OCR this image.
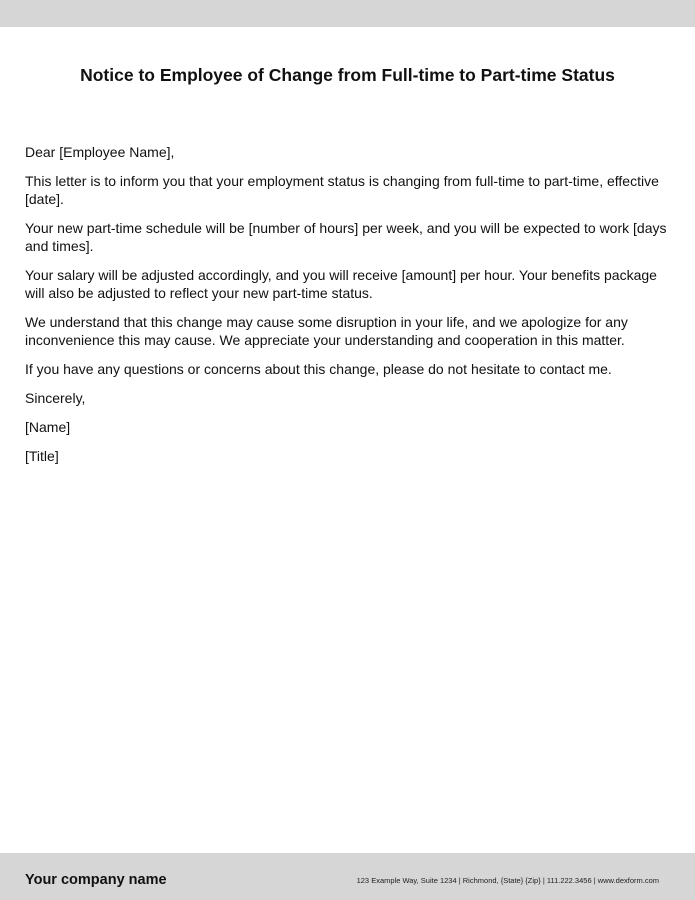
Notice to Employee of Change from Full-time to Part-time Status

Dear [Employee Name],

This letter is to inform you that your employment status is changing from full-time to part-time, effective [date].

Your new part-time schedule will be [number of hours] per week, and you will be expected to work [days and times].

Your salary will be adjusted accordingly, and you will receive [amount] per hour. Your benefits package will also be adjusted to reflect your new part-time status.

We understand that this change may cause some disruption in your life, and we apologize for any inconvenience this may cause. We appreciate your understanding and cooperation in this matter.

If you have any questions or concerns about this change, please do not hesitate to contact me.

Sincerely,

[Name]

[Title]

Your company name	123 Example Way, Suite 1234 | Richmond, {State} {Zip} | 111.222.3456 | www.dexform.com
